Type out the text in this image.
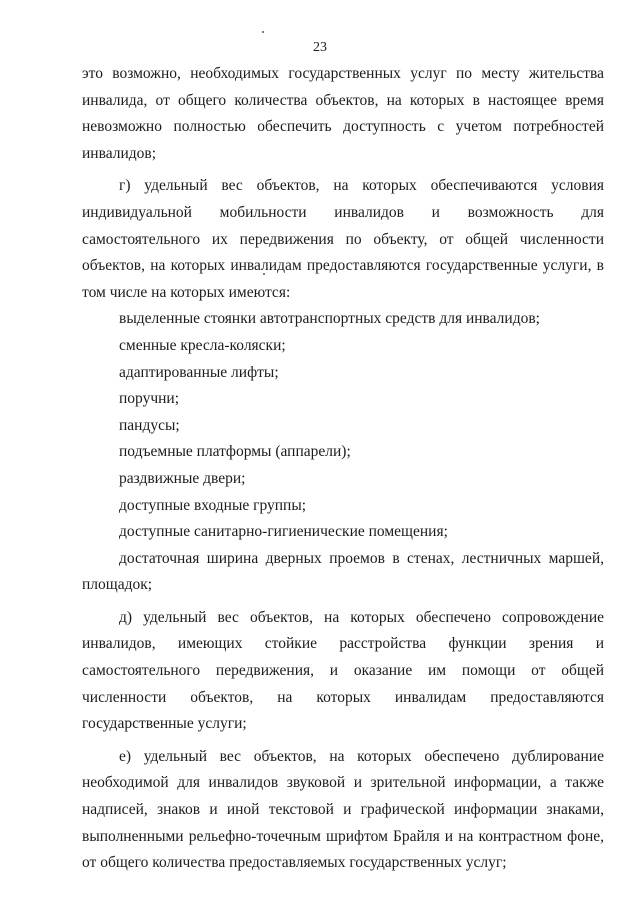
23

это возможно, необходимых государственных услуг по месту жительства инвалида, от общего количества объектов, на которых в настоящее время невозможно полностью обеспечить доступность с учетом потребностей инвалидов;

г) удельный вес объектов, на которых обеспечиваются условия индивидуальной мобильности инвалидов и возможность для самостоятельного их передвижения по объекту, от общей численности объектов, на которых инвалидам предоставляются государственные услуги, в том числе на которых имеются:

выделенные стоянки автотранспортных средств для инвалидов;

сменные кресла-коляски;

адаптированные лифты;

поручни;

пандусы;

подъемные платформы (аппарели);

раздвижные двери;

доступные входные группы;

доступные санитарно-гигиенические помещения;

достаточная ширина дверных проемов в стенах, лестничных маршей, площадок;

д) удельный вес объектов, на которых обеспечено сопровождение инвалидов, имеющих стойкие расстройства функции зрения и самостоятельного передвижения, и оказание им помощи от общей численности объектов, на которых инвалидам предоставляются государственные услуги;

е) удельный вес объектов, на которых обеспечено дублирование необходимой для инвалидов звуковой и зрительной информации, а также надписей, знаков и иной текстовой и графической информации знаками, выполненными рельефно-точечным шрифтом Брайля и на контрастном фоне, от общего количества предоставляемых государственных услуг;
